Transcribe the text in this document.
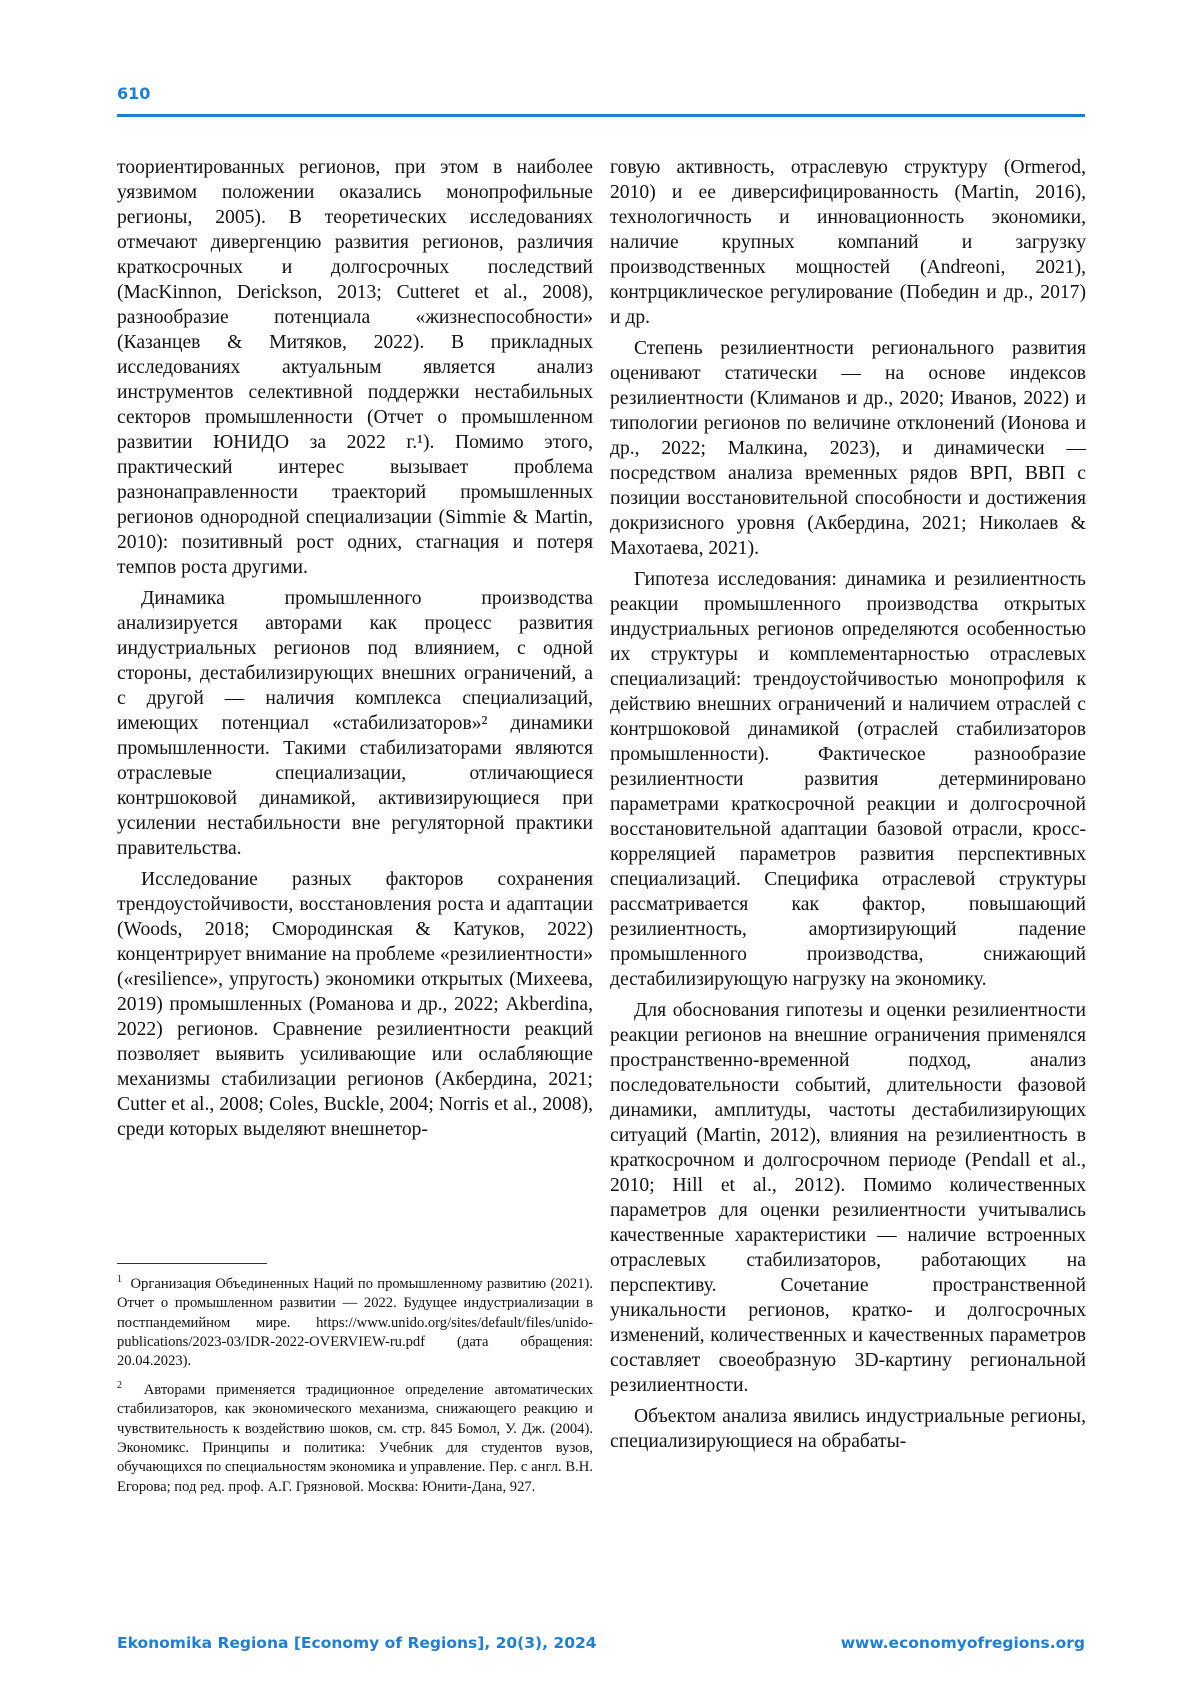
610

тоориентированных регионов, при этом в наиболее уязвимом положении оказались монопрофильные регионы, 2005). В теоретических исследованиях отмечают дивергенцию развития регионов, различия краткосрочных и долгосрочных последствий (MacKinnon, Derickson, 2013; Cutteret et al., 2008), разнообразие потенциала «жизнеспособности» (Казанцев & Митяков, 2022). В прикладных исследованиях актуальным является анализ инструментов селективной поддержки нестабильных секторов промышленности (Отчет о промышленном развитии ЮНИДО за 2022 г.¹). Помимо этого, практический интерес вызывает проблема разнонаправленности траекторий промышленных регионов однородной специализации (Simmie & Martin, 2010): позитивный рост одних, стагнация и потеря темпов роста другими.

Динамика промышленного производства анализируется авторами как процесс развития индустриальных регионов под влиянием, с одной стороны, дестабилизирующих внешних ограничений, а с другой — наличия комплекса специализаций, имеющих потенциал «стабилизаторов»² динамики промышленности. Такими стабилизаторами являются отраслевые специализации, отличающиеся контршоковой динамикой, активизирующиеся при усилении нестабильности вне регуляторной практики правительства.

Исследование разных факторов сохранения трендоустойчивости, восстановления роста и адаптации (Woods, 2018; Смородинская & Катуков, 2022) концентрирует внимание на проблеме «резилиентности» («resilience», упругость) экономики открытых (Михеева, 2019) промышленных (Романова и др., 2022; Akberdina, 2022) регионов. Сравнение резилиентности реакций позволяет выявить усиливающие или ослабляющие механизмы стабилизации регионов (Акбердина, 2021; Cutter et al., 2008; Coles, Buckle, 2004; Norris et al., 2008), среди которых выделяют внешнетор-

говую активность, отраслевую структуру (Ormerod, 2010) и ее диверсифицированность (Martin, 2016), технологичность и инновационность экономики, наличие крупных компаний и загрузку производственных мощностей (Andreoni, 2021), контрциклическое регулирование (Победин и др., 2017) и др.

Степень резилиентности регионального развития оценивают статически — на основе индексов резилиентности (Климанов и др., 2020; Иванов, 2022) и типологии регионов по величине отклонений (Ионова и др., 2022; Малкина, 2023), и динамически — посредством анализа временных рядов ВРП, ВВП с позиции восстановительной способности и достижения докризисного уровня (Акбердина, 2021; Николаев & Махотаева, 2021).

Гипотеза исследования: динамика и резилиентность реакции промышленного производства открытых индустриальных регионов определяются особенностью их структуры и комплементарностью отраслевых специализаций: трендоустойчивостью монопрофиля к действию внешних ограничений и наличием отраслей с контршоковой динамикой (отраслей стабилизаторов промышленности). Фактическое разнообразие резилиентности развития детерминировано параметрами краткосрочной реакции и долгосрочной восстановительной адаптации базовой отрасли, кросс-корреляцией параметров развития перспективных специализаций. Специфика отраслевой структуры рассматривается как фактор, повышающий резилиентность, амортизирующий падение промышленного производства, снижающий дестабилизирующую нагрузку на экономику.

Для обоснования гипотезы и оценки резилиентности реакции регионов на внешние ограничения применялся пространственно-временной подход, анализ последовательности событий, длительности фазовой динамики, амплитуды, частоты дестабилизирующих ситуаций (Martin, 2012), влияния на резилиентность в краткосрочном и долгосрочном периоде (Pendall et al., 2010; Hill et al., 2012). Помимо количественных параметров для оценки резилиентности учитывались качественные характеристики — наличие встроенных отраслевых стабилизаторов, работающих на перспективу. Сочетание пространственной уникальности регионов, кратко- и долгосрочных изменений, количественных и качественных параметров составляет своеобразную 3D-картину региональной резилиентности.

Объектом анализа явились индустриальные регионы, специализирующиеся на обрабаты-

$^1$ Организация Объединенных Наций по промышленному развитию (2021). Отчет о промышленном развитии — 2022. Будущее индустриализации в постпандемийном мире. https://www.unido.org/sites/default/files/unido-publications/2023-03/IDR-2022-OVERVIEW-ru.pdf (дата обращения: 20.04.2023).

$^2$ Авторами применяется традиционное определение автоматических стабилизаторов, как экономического механизма, снижающего реакцию и чувствительность к воздействию шоков, см. стр. 845 Бомол, У. Дж. (2004). Экономикс. Принципы и политика: Учебник для студентов вузов, обучающихся по специальностям экономика и управление. Пер. с англ. В.Н. Егорова; под ред. проф. А.Г. Грязновой. Москва: Юнити-Дана, 927.

Ekonomika Regiona [Economy of Regions], 20(3), 2024	www.economyofregions.org
